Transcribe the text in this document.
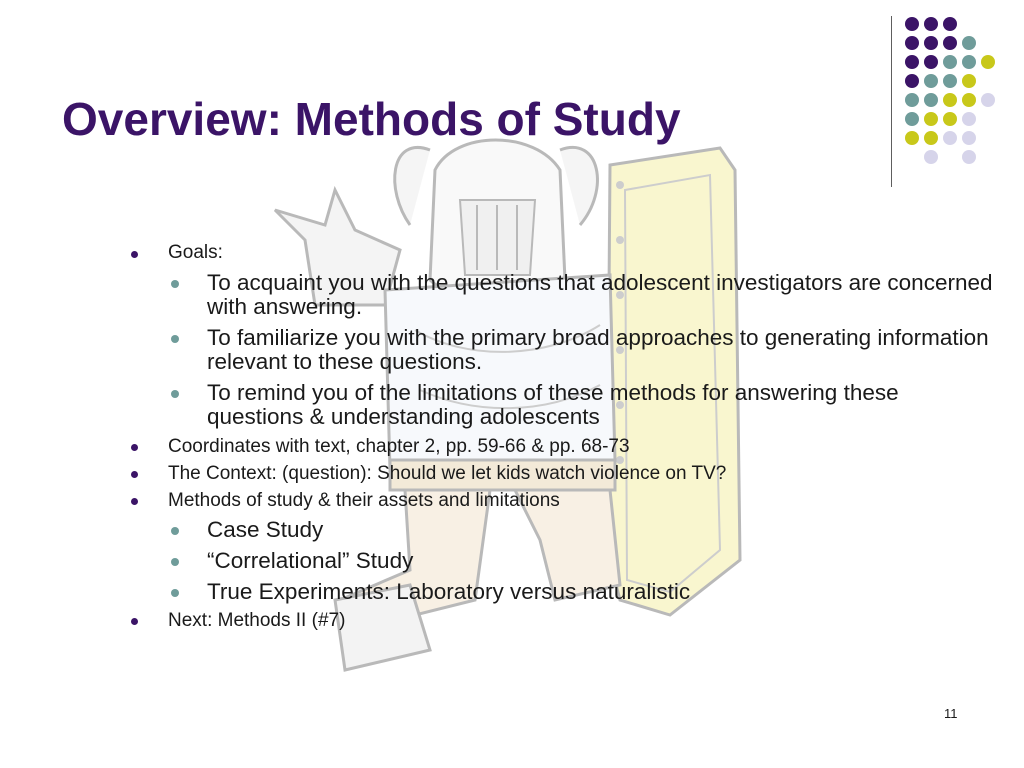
Overview: Methods of Study
Goals:
To acquaint you with the questions that adolescent investigators are concerned with answering.
To familiarize you with the primary broad approaches to generating information relevant to these questions.
To remind you of the limitations of these methods for answering these questions & understanding adolescents
Coordinates with text, chapter 2, pp. 59-66 & pp. 68-73
The Context: (question): Should we let kids watch violence on TV?
Methods of study & their assets and limitations
Case Study
“Correlational” Study
True Experiments: Laboratory versus naturalistic
Next: Methods II (#7)
11
